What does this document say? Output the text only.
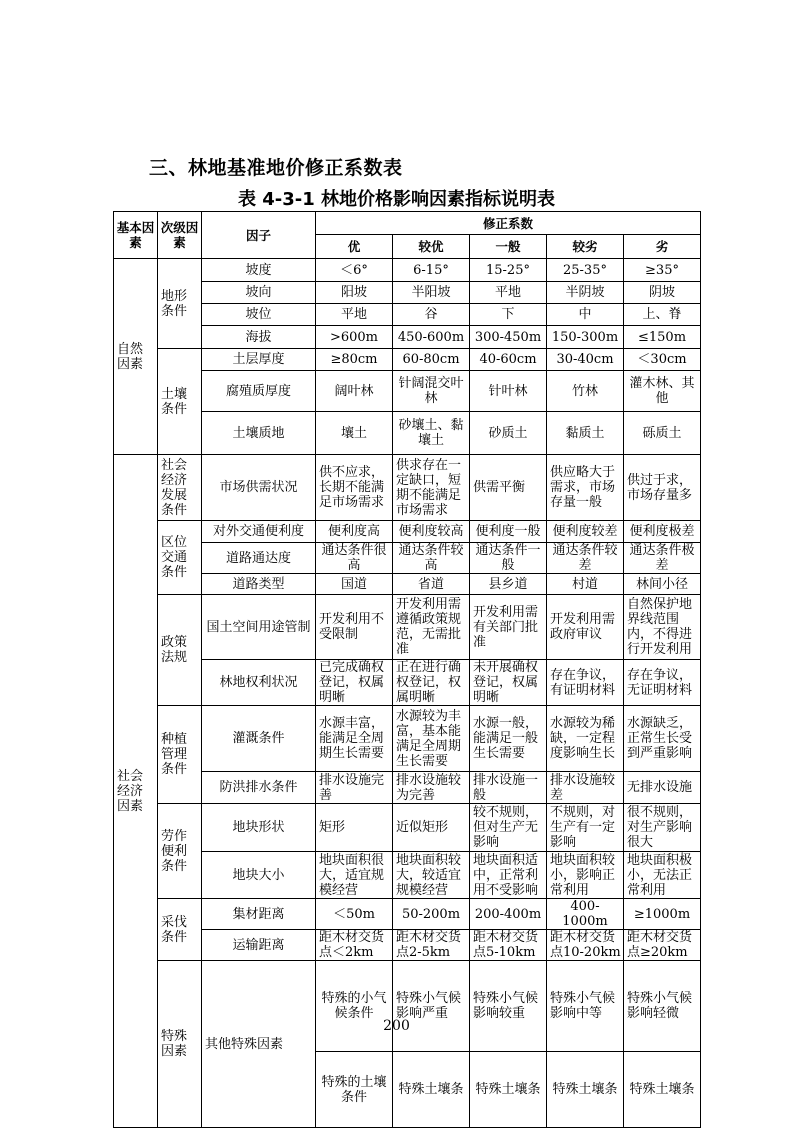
三、林地基准地价修正系数表
表 4-3-1 林地价格影响因素指标说明表
基本因素	次级因素	因子	修正系数					
			优	较优	一般	较劣	劣	
自然因素	地形条件	坡度	＜6°	6-15°	15-25°	25-35°	≥35°	
		坡向	阳坡	半阳坡	平地	半阴坡	阴坡	
		坡位	平地	谷	下	中	上、脊	
		海拔	>600m	450-600m	300-450m	150-300m	≤150m	
	土壤条件	土层厚度	≥80cm	60-80cm	40-60cm	30-40cm	＜30cm	
		腐殖质厚度	阔叶林	针阔混交叶林	针叶林	竹林	灌木林、其他	
		土壤质地	壤土	砂壤土、黏壤土	砂质土	黏质土	砾质土	
社会经济因素	社会经济发展条件	市场供需状况	供不应求，长期不能满足市场需求	供求存在一定缺口，短期不能满足市场需求	供需平衡	供应略大于需求，市场存量一般	供过于求，市场存量多	
	区位交通条件	对外交通便利度	便利度高	便利度较高	便利度一般	便利度较差	便利度极差	
		道路通达度	通达条件很高	通达条件较高	通达条件一般	通达条件较差	通达条件极差	
		道路类型	国道	省道	县乡道	村道	林间小径	
	政策法规	国土空间用途管制	开发利用不受限制	开发利用需遵循政策规范，无需批准	开发利用需有关部门批准	开发利用需政府审议	自然保护地界线范围内，不得进行开发利用	
		林地权利状况	已完成确权登记，权属明晰	正在进行确权登记，权属明晰	未开展确权登记，权属明晰	存在争议，有证明材料	存在争议，无证明材料	
	种植管理条件	灌溉条件	水源丰富，能满足全周期生长需要	水源较为丰富，基本能满足全周期生长需要	水源一般，能满足一般生长需要	水源较为稀缺，一定程度影响生长	水源缺乏，正常生长受到严重影响	
		防洪排水条件	排水设施完善	排水设施较为完善	排水设施一般	排水设施较差	无排水设施	
	劳作便利条件	地块形状	矩形	近似矩形	较不规则，但对生产无影响	不规则，对生产有一定影响	很不规则，对生产影响很大	
		地块大小	地块面积很大，适宜规模经营	地块面积较大，较适宜规模经营	地块面积适中，正常利用不受影响	地块面积较小，影响正常利用	地块面积极小，无法正常利用	
	采伐条件	集材距离	＜50m	50-200m	200-400m	400-1000m	≥1000m	
		运输距离	距木材交货点＜2km	距木材交货点2-5km	距木材交货点5-10km	距木材交货点10-20km	距木材交货点≥20km	
	特殊因素	其他特殊因素	特殊的小气候条件	特殊小气候影响严重	特殊小气候影响较重	特殊小气候影响中等	特殊小气候影响轻微	
			特殊的土壤条件	特殊土壤条	特殊土壤条	特殊土壤条	特殊土壤条	
200
